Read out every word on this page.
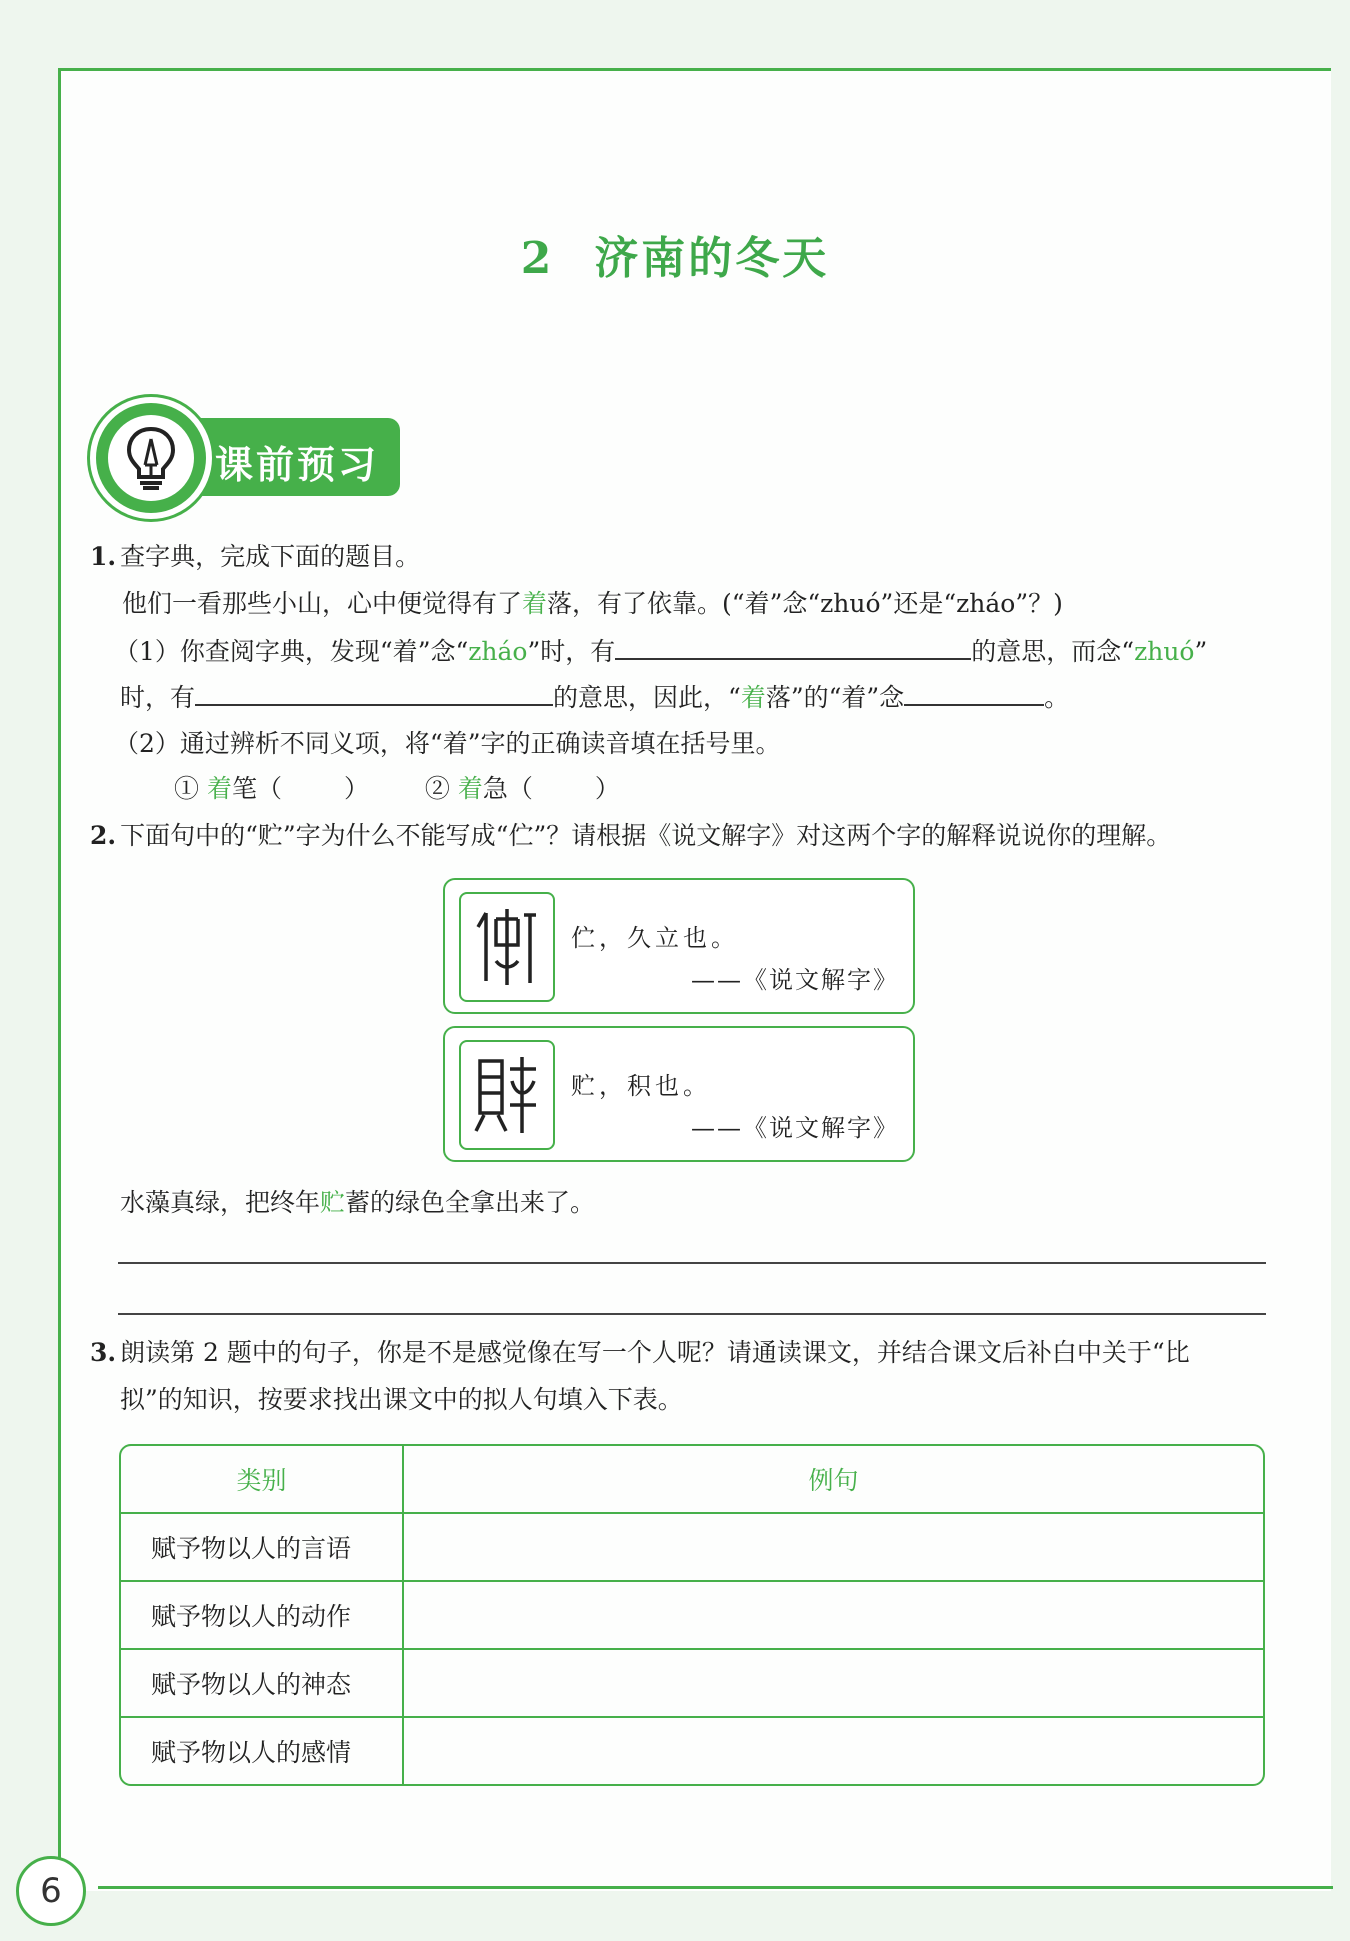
6
2 济南的冬天
课前预习
1. 查字典，完成下面的题目。
他们一看那些小山，心中便觉得有了着落，有了依靠。(“着”念“zhuó”还是“zháo”？)
（1）你查阅字典，发现“着”念“zháo”时，有	的意思，而念“zhuó”
时，有	的意思，因此，“着落”的“着”念	。
（2）通过辨析不同义项，将“着”字的正确读音填在括号里。
① 着笔（ ） ② 着急（ ）
2. 下面句中的“贮”字为什么不能写成“伫”？请根据《说文解字》对这两个字的解释说说你的理解。
伫，久立也。
——《说文解字》
贮，积也。
——《说文解字》
水藻真绿，把终年贮蓄的绿色全拿出来了。
3. 朗读第 2 题中的句子，你是不是感觉像在写一个人呢？请通读课文，并结合课文后补白中关于“比
拟”的知识，按要求找出课文中的拟人句填入下表。
类别	例句
赋予物以人的言语	
赋予物以人的动作	
赋予物以人的神态	
赋予物以人的感情	
